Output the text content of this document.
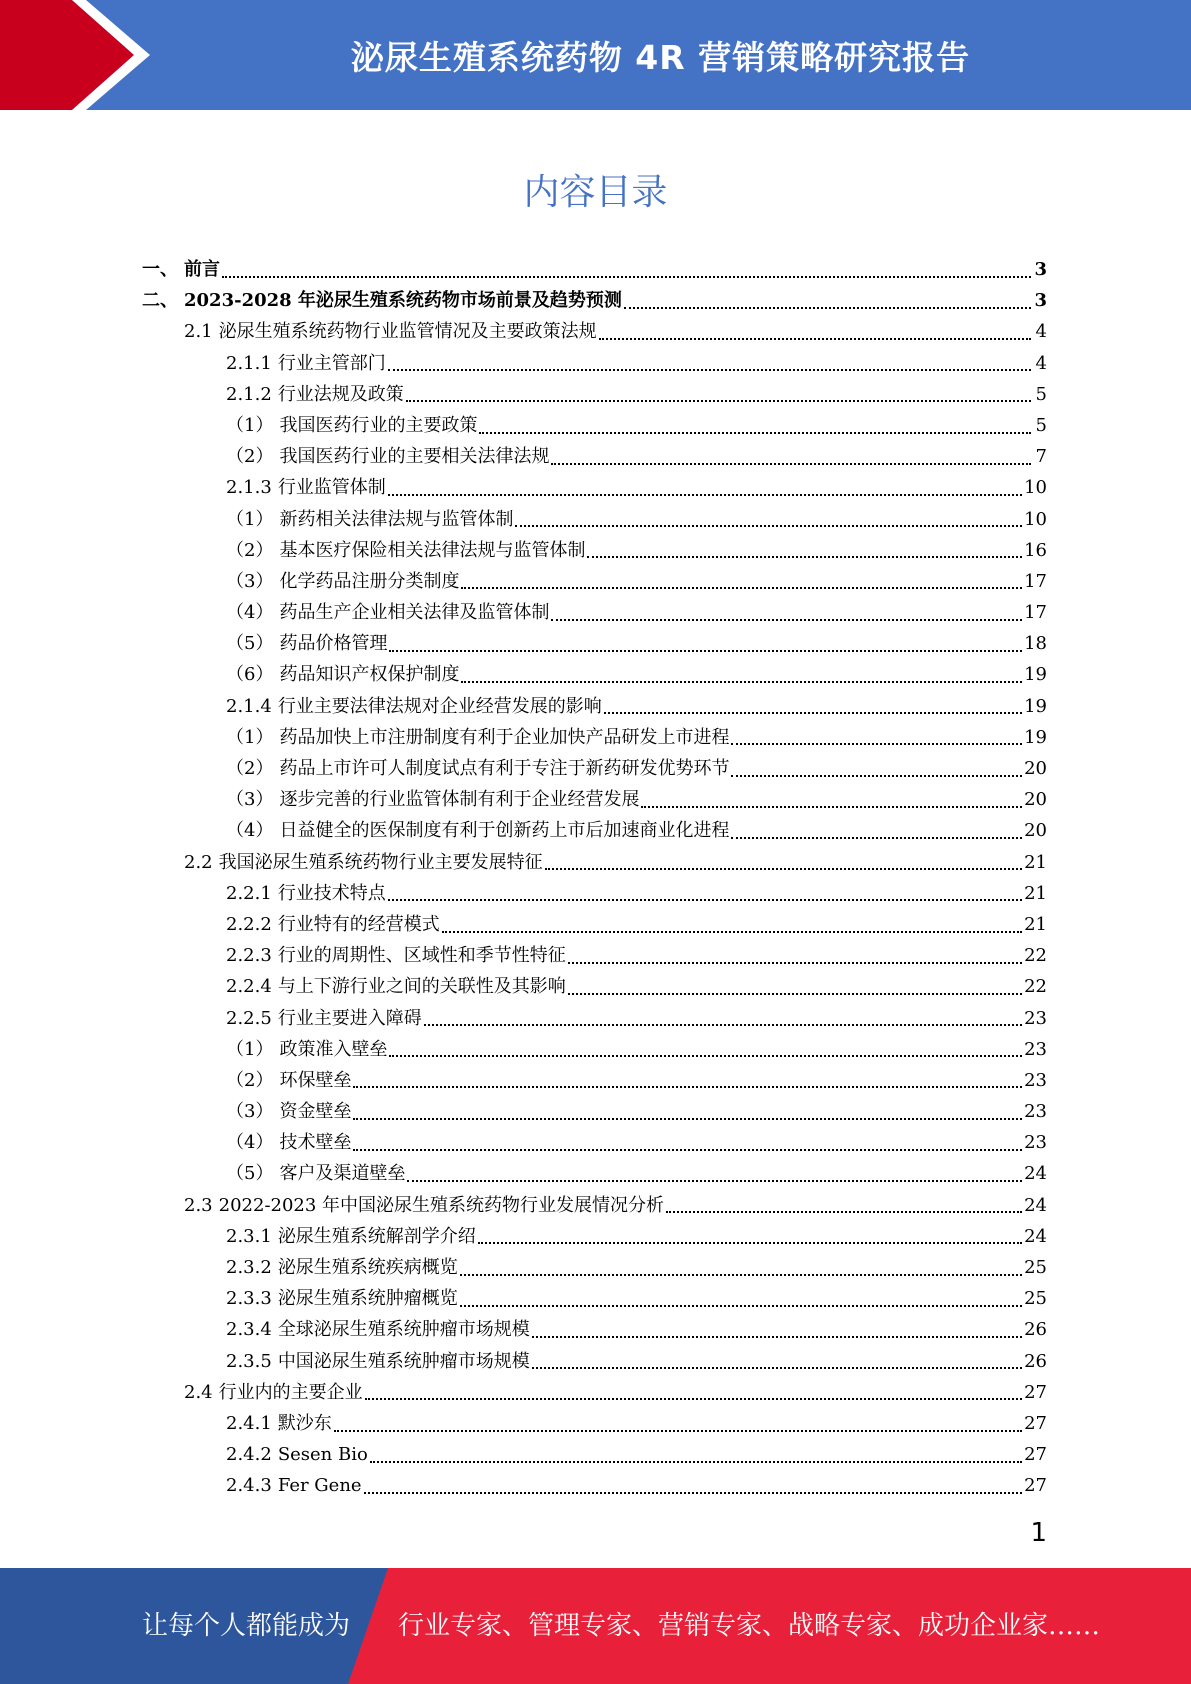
泌尿生殖系统药物 4R 营销策略研究报告
内容目录
一、 前言	3
二、 2023-2028 年泌尿生殖系统药物市场前景及趋势预测	3
2.1 泌尿生殖系统药物行业监管情况及主要政策法规	4
2.1.1 行业主管部门	4
2.1.2 行业法规及政策	5
（1） 我国医药行业的主要政策	5
（2） 我国医药行业的主要相关法律法规	7
2.1.3 行业监管体制	10
（1） 新药相关法律法规与监管体制	10
（2） 基本医疗保险相关法律法规与监管体制	16
（3） 化学药品注册分类制度	17
（4） 药品生产企业相关法律及监管体制	17
（5） 药品价格管理	18
（6） 药品知识产权保护制度	19
2.1.4 行业主要法律法规对企业经营发展的影响	19
（1） 药品加快上市注册制度有利于企业加快产品研发上市进程	19
（2） 药品上市许可人制度试点有利于专注于新药研发优势环节	20
（3） 逐步完善的行业监管体制有利于企业经营发展	20
（4） 日益健全的医保制度有利于创新药上市后加速商业化进程	20
2.2 我国泌尿生殖系统药物行业主要发展特征	21
2.2.1 行业技术特点	21
2.2.2 行业特有的经营模式	21
2.2.3 行业的周期性、区域性和季节性特征	22
2.2.4 与上下游行业之间的关联性及其影响	22
2.2.5 行业主要进入障碍	23
（1） 政策准入壁垒	23
（2） 环保壁垒	23
（3） 资金壁垒	23
（4） 技术壁垒	23
（5） 客户及渠道壁垒	24
2.3 2022-2023 年中国泌尿生殖系统药物行业发展情况分析	24
2.3.1 泌尿生殖系统解剖学介绍	24
2.3.2 泌尿生殖系统疾病概览	25
2.3.3 泌尿生殖系统肿瘤概览	25
2.3.4 全球泌尿生殖系统肿瘤市场规模	26
2.3.5 中国泌尿生殖系统肿瘤市场规模	26
2.4 行业内的主要企业	27
2.4.1 默沙东	27
2.4.2 Sesen Bio	27
2.4.3 Fer Gene	27
1
让每个人都能成为 行业专家、管理专家、营销专家、战略专家、成功企业家……
